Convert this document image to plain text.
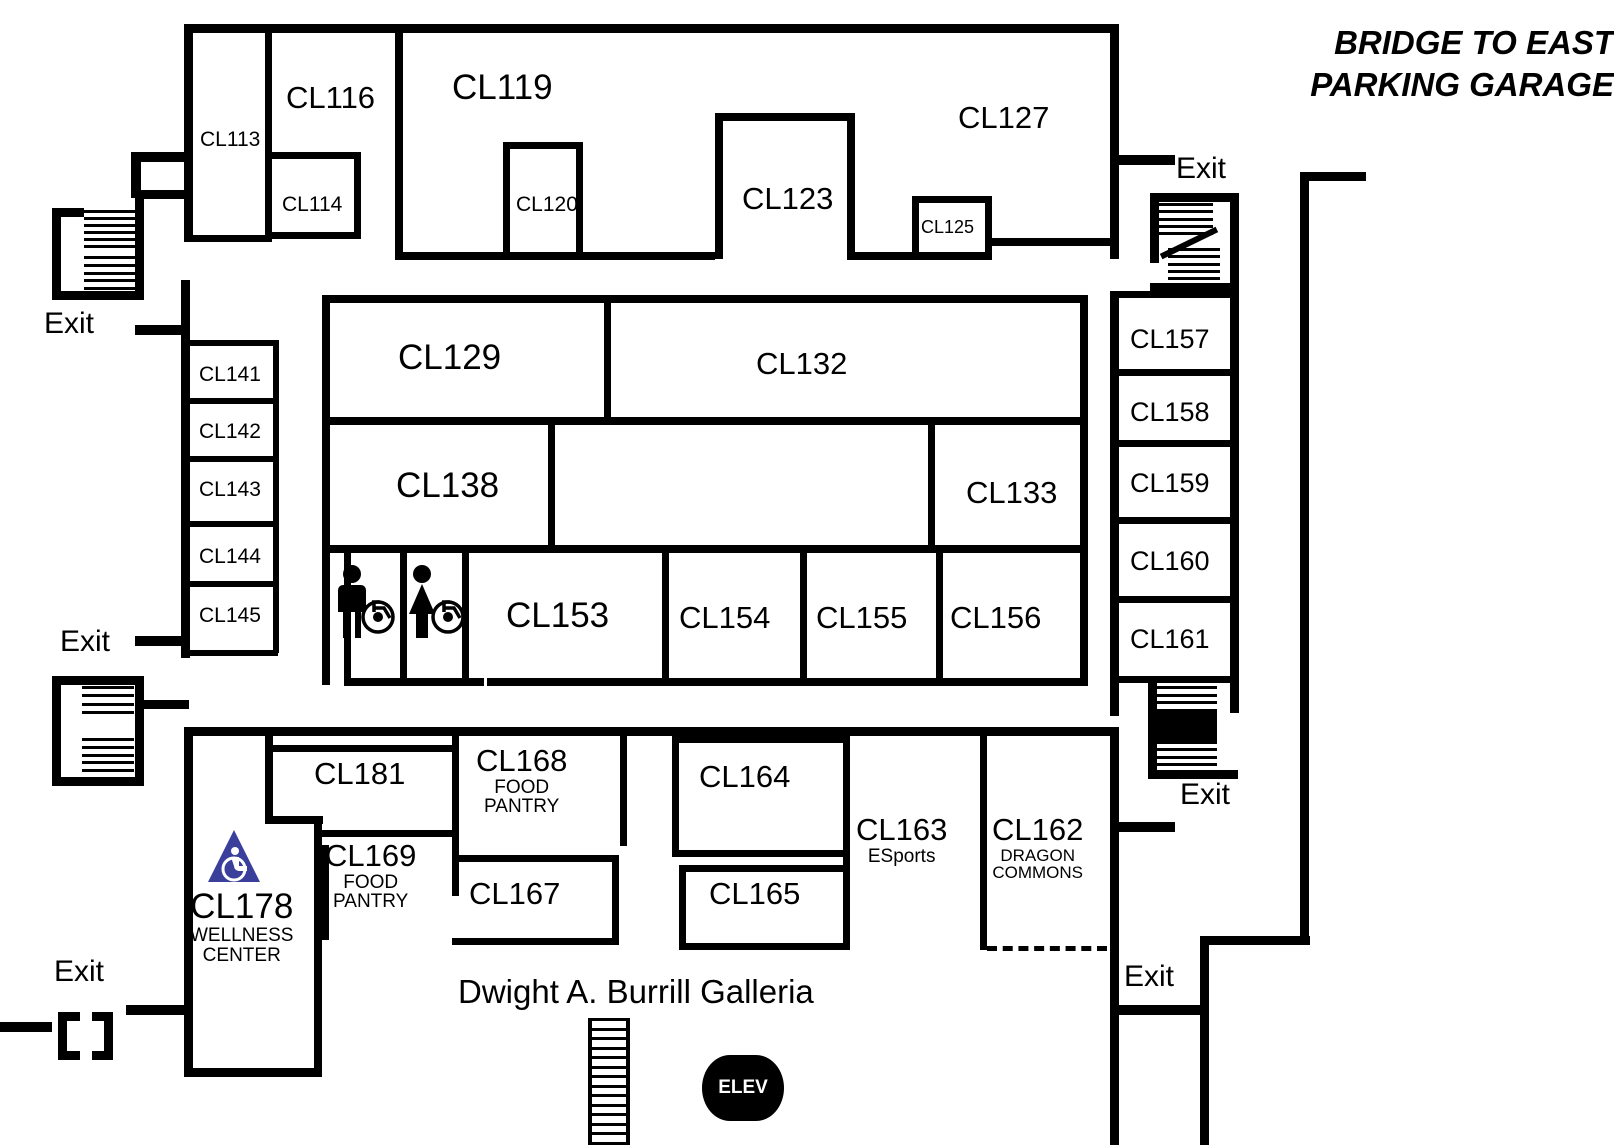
BRIDGE TO EAST
PARKING GARAGE
ELEV
Exit
Exit
Exit
Exit
Exit
Exit
CL113
CL116 CL119
CL127
CL114	CL120	CL123
CL125
CL141
CL142
CL143
CL144
CL145
CL129	CL132
CL138	CL133
CL153 CL154 CL155 CL156
CL157
CL158
CL159
CL160
CL161
CL181	CL164
CL165
CL167
CL168
FOOD
PANTRY
CL169
FOOD
PANTRY
CL163
ESports
CL162
DRAGON
COMMONS
CL178
WELLNESS
CENTER
Dwight A. Burrill Galleria
